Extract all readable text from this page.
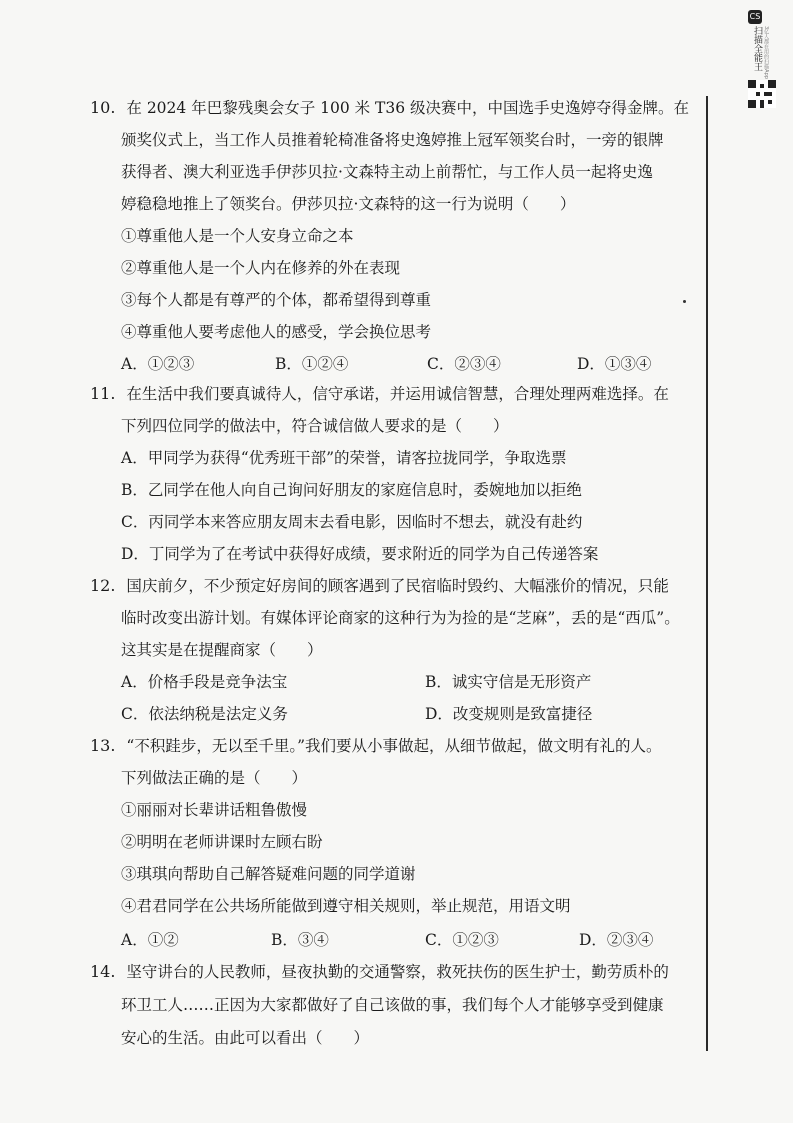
CS
扫描全能王 3亿人都在用的扫描App
10. 在 2024 年巴黎残奥会女子 100 米 T36 级决赛中，中国选手史逸婷夺得金牌。在
颁奖仪式上，当工作人员推着轮椅准备将史逸婷推上冠军领奖台时，一旁的银牌
获得者、澳大利亚选手伊莎贝拉·文森特主动上前帮忙，与工作人员一起将史逸
婷稳稳地推上了领奖台。伊莎贝拉·文森特的这一行为说明（　　）
①尊重他人是一个人安身立命之本
②尊重他人是一个人内在修养的外在表现
③每个人都是有尊严的个体，都希望得到尊重
④尊重他人要考虑他人的感受，学会换位思考
A．①②③	B．①②④	C．②③④	D．①③④
11. 在生活中我们要真诚待人，信守承诺，并运用诚信智慧，合理处理两难选择。在
下列四位同学的做法中，符合诚信做人要求的是（　　）
A．甲同学为获得“优秀班干部”的荣誉，请客拉拢同学，争取选票
B．乙同学在他人向自己询问好朋友的家庭信息时，委婉地加以拒绝
C．丙同学本来答应朋友周末去看电影，因临时不想去，就没有赴约
D．丁同学为了在考试中获得好成绩，要求附近的同学为自己传递答案
12. 国庆前夕，不少预定好房间的顾客遇到了民宿临时毁约、大幅涨价的情况，只能
临时改变出游计划。有媒体评论商家的这种行为为捡的是“芝麻”，丢的是“西瓜”。
这其实是在提醒商家（　　）
A．价格手段是竞争法宝	B．诚实守信是无形资产
C．依法纳税是法定义务	D．改变规则是致富捷径
13. “不积跬步，无以至千里。”我们要从小事做起，从细节做起，做文明有礼的人。
下列做法正确的是（　　）
①丽丽对长辈讲话粗鲁傲慢
②明明在老师讲课时左顾右盼
③琪琪向帮助自己解答疑难问题的同学道谢
④君君同学在公共场所能做到遵守相关规则，举止规范，用语文明
A．①②	B．③④	C．①②③	D．②③④
14. 坚守讲台的人民教师，昼夜执勤的交通警察，救死扶伤的医生护士，勤劳质朴的
环卫工人……正因为大家都做好了自己该做的事，我们每个人才能够享受到健康
安心的生活。由此可以看出（　　）
